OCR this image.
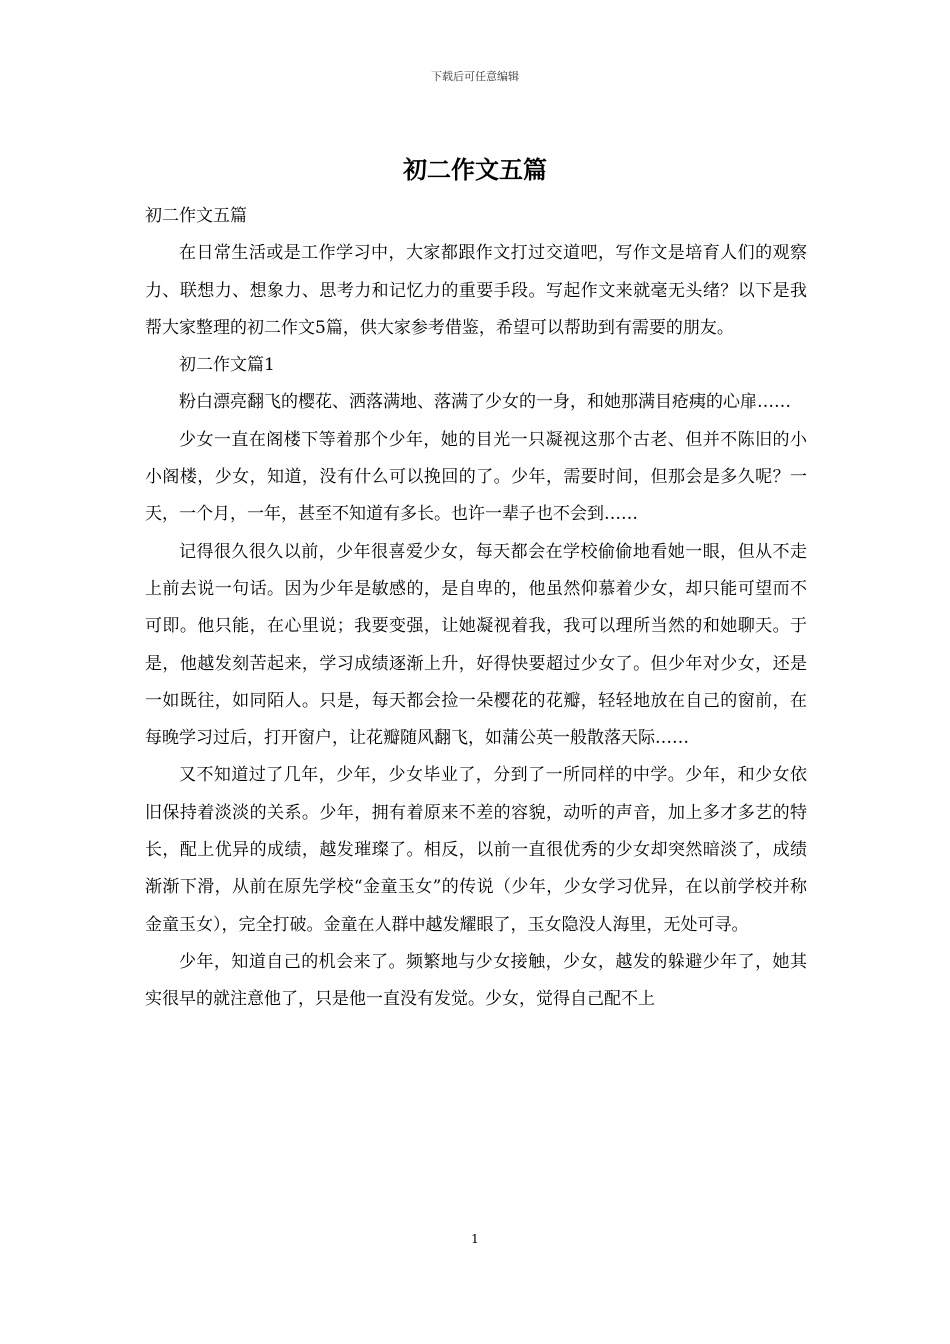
下载后可任意编辑
初二作文五篇

初二作文五篇

在日常生活或是工作学习中，大家都跟作文打过交道吧，写作文是培育人们的观察力、联想力、想象力、思考力和记忆力的重要手段。写起作文来就毫无头绪？以下是我帮大家整理的初二作文5篇，供大家参考借鉴，希望可以帮助到有需要的朋友。

初二作文篇1

粉白漂亮翻飞的樱花、洒落满地、落满了少女的一身，和她那满目疮痍的心扉……

少女一直在阁楼下等着那个少年，她的目光一只凝视这那个古老、但并不陈旧的小小阁楼，少女，知道，没有什么可以挽回的了。少年，需要时间，但那会是多久呢？一天，一个月，一年，甚至不知道有多长。也许一辈子也不会到……

记得很久很久以前，少年很喜爱少女，每天都会在学校偷偷地看她一眼，但从不走上前去说一句话。因为少年是敏感的，是自卑的，他虽然仰慕着少女，却只能可望而不可即。他只能，在心里说；我要变强，让她凝视着我，我可以理所当然的和她聊天。于是，他越发刻苦起来，学习成绩逐渐上升，好得快要超过少女了。但少年对少女，还是一如既往，如同陌人。只是，每天都会捡一朵樱花的花瓣，轻轻地放在自己的窗前，在每晚学习过后，打开窗户，让花瓣随风翻飞，如蒲公英一般散落天际……

又不知道过了几年，少年，少女毕业了，分到了一所同样的中学。少年，和少女依旧保持着淡淡的关系。少年，拥有着原来不差的容貌，动听的声音，加上多才多艺的特长，配上优异的成绩，越发璀璨了。相反，以前一直很优秀的少女却突然暗淡了，成绩渐渐下滑，从前在原先学校“金童玉女”的传说（少年，少女学习优异，在以前学校并称金童玉女），完全打破。金童在人群中越发耀眼了，玉女隐没人海里，无处可寻。

少年，知道自己的机会来了。频繁地与少女接触，少女，越发的躲避少年了，她其实很早的就注意他了，只是他一直没有发觉。少女，觉得自己配不上

1
